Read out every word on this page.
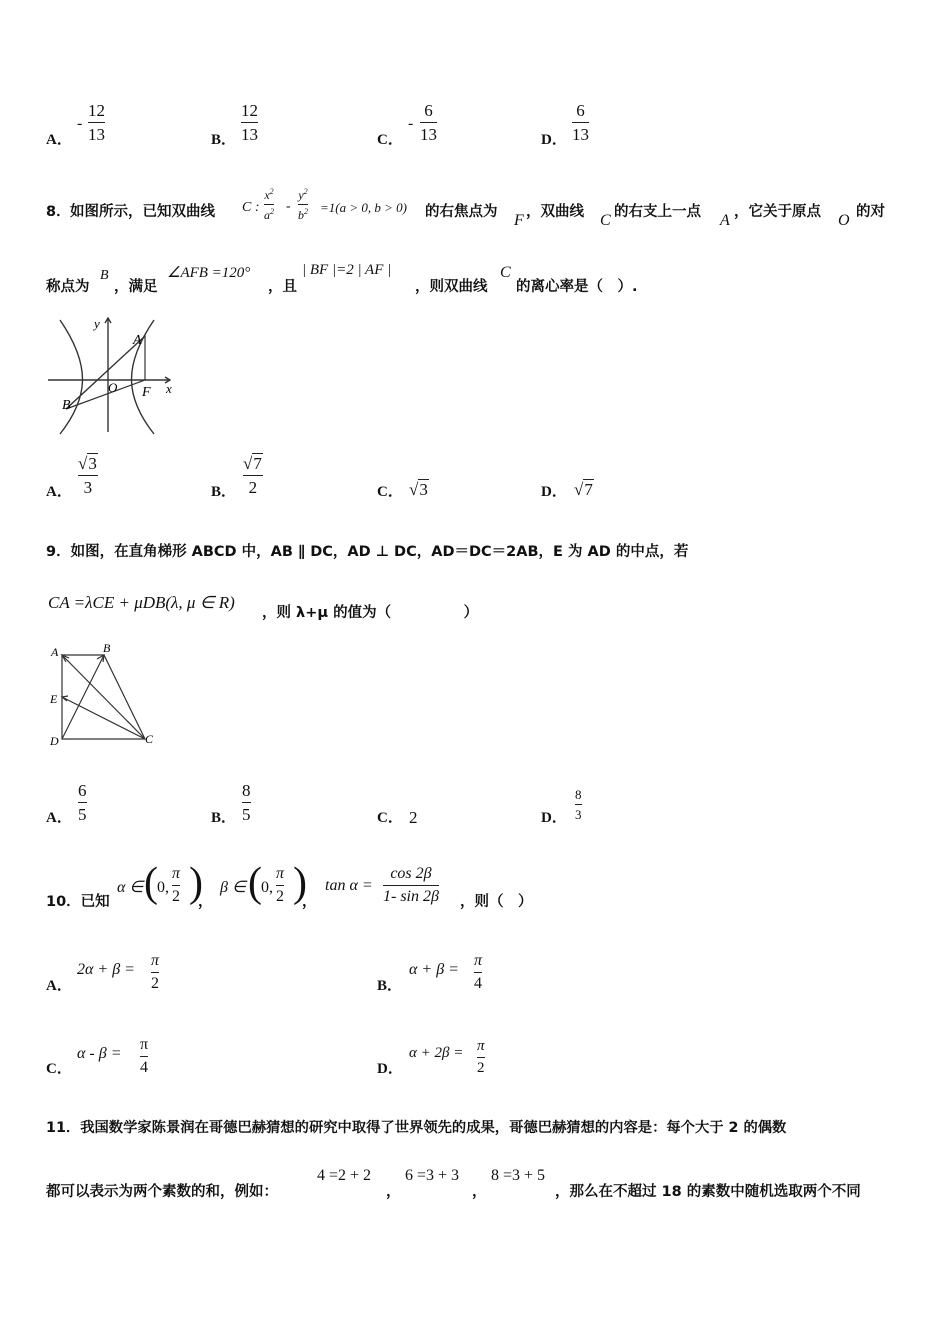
A．
-
12
13	B．
12
13	C．
-
6
13	D．
6
13
8． 如图所示，已知双曲线 C :
$x^2$
$a^2$ -
$y^2$
$b^2 =1(a > 0$, b > 0) 的右焦点为 F ，双曲线 C 的右支上一点 A ，它关于原点 O 的对
称点为
B
，满足
∠AFB =120°
，且
| BF |=2 | AF |
，则双曲线
C
的离心率是（　）.
y
x
A
B
O F
A．
√3
3	B．
√7
2	C． √3	D． √7
9．如图，在直角梯形 ABCD 中，AB ∥ DC，AD ⊥ DC，AD＝DC＝2AB，E 为 AD 的中点，若
CA =λCE + μDB(λ, μ ∈ R)
，则 λ+μ 的值为（　　　　　）
A	B
E
D	C
A．
6
5	B．
8
5	C． 2	D．
8
3
10．已知
α ∈ ( 0,
π
2 )
，
β ∈ ( 0,
π
2 )
，
tan α =
cos 2β
1- sin 2β ，则（　）
A．
2α + β =
π
2	B．
α + β =
π
4
C．
α - β =
π
4	D．
α + 2β = π
2
11．我国数学家陈景润在哥德巴赫猜想的研究中取得了世界领先的成果，哥德巴赫猜想的内容是：每个大于 2 的偶数
都可以表示为两个素数的和，例如：
4 =2 + 2
，
6 =3 + 3
，
8 =3 + 5
，那么在不超过 18 的素数中随机选取两个不同
